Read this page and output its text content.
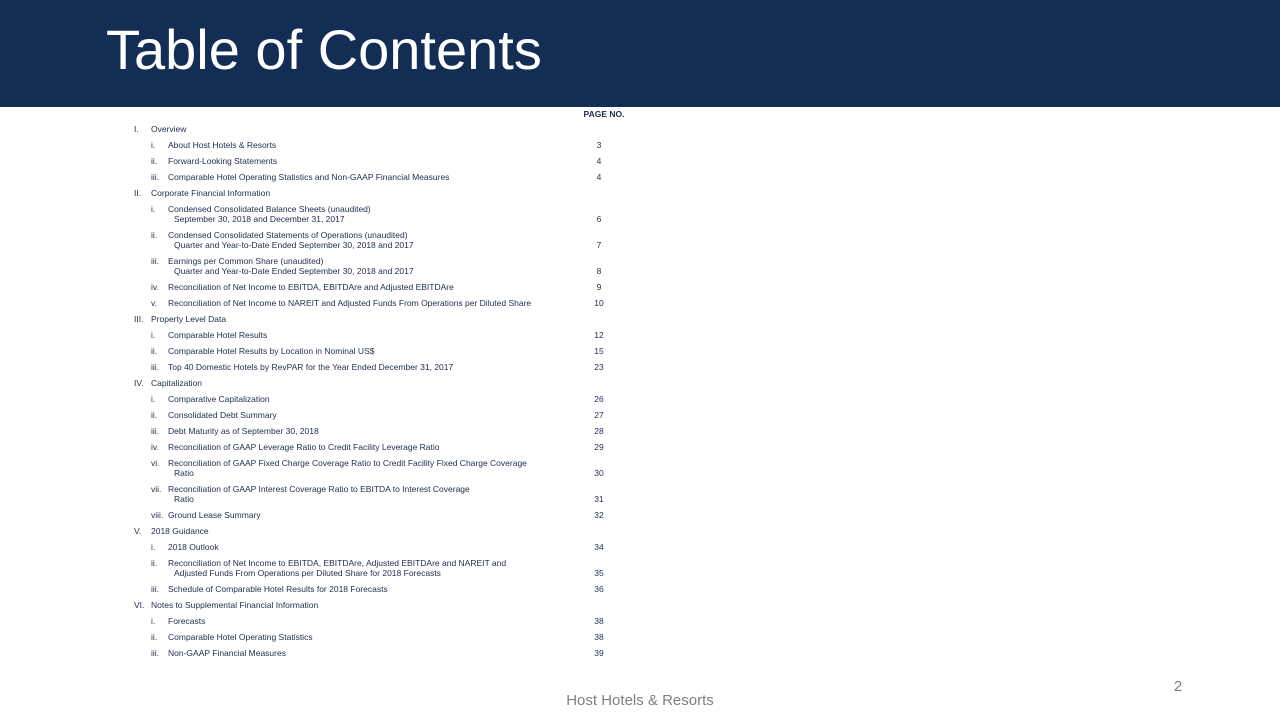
Table of Contents
PAGE NO.
I.	Overview
i.	About Host Hotels & Resorts	3
ii.	Forward-Looking Statements	4
iii.	Comparable Hotel Operating Statistics and Non-GAAP Financial Measures	4
II.	Corporate Financial Information
i.	Condensed Consolidated Balance Sheets (unaudited)
September 30, 2018 and December 31, 2017	6
ii.	Condensed Consolidated Statements of Operations (unaudited)
Quarter and Year-to-Date Ended September 30, 2018 and 2017	7
iii.	Earnings per Common Share (unaudited)
Quarter and Year-to-Date Ended September 30, 2018 and 2017	8
iv.	Reconciliation of Net Income to EBITDA, EBITDAre and Adjusted EBITDAre	9
v.	Reconciliation of Net Income to NAREIT and Adjusted Funds From Operations per Diluted Share	10
III. Property Level Data
i.	Comparable Hotel Results	12
ii.	Comparable Hotel Results by Location in Nominal US$	15
iii.	Top 40 Domestic Hotels by RevPAR for the Year Ended December 31, 2017	23
IV. Capitalization
i.	Comparative Capitalization	26
ii.	Consolidated Debt Summary	27
iii.	Debt Maturity as of September 30, 2018	28
iv.	Reconciliation of GAAP Leverage Ratio to Credit Facility Leverage Ratio	29
vi.	Reconciliation of GAAP Fixed Charge Coverage Ratio to Credit Facility Fixed Charge Coverage
Ratio	30
vii. Reconciliation of GAAP Interest Coverage Ratio to EBITDA to Interest Coverage
Ratio	31
viii. Ground Lease Summary	32
V.	2018 Guidance
i.	2018 Outlook	34
ii.	Reconciliation of Net Income to EBITDA, EBITDAre, Adjusted EBITDAre and NAREIT and
Adjusted Funds From Operations per Diluted Share for 2018 Forecasts	35
iii.	Schedule of Comparable Hotel Results for 2018 Forecasts	36
VI. Notes to Supplemental Financial Information
i.	Forecasts	38
ii.	Comparable Hotel Operating Statistics	38
iii.	Non-GAAP Financial Measures	39
2
Host Hotels & Resorts
